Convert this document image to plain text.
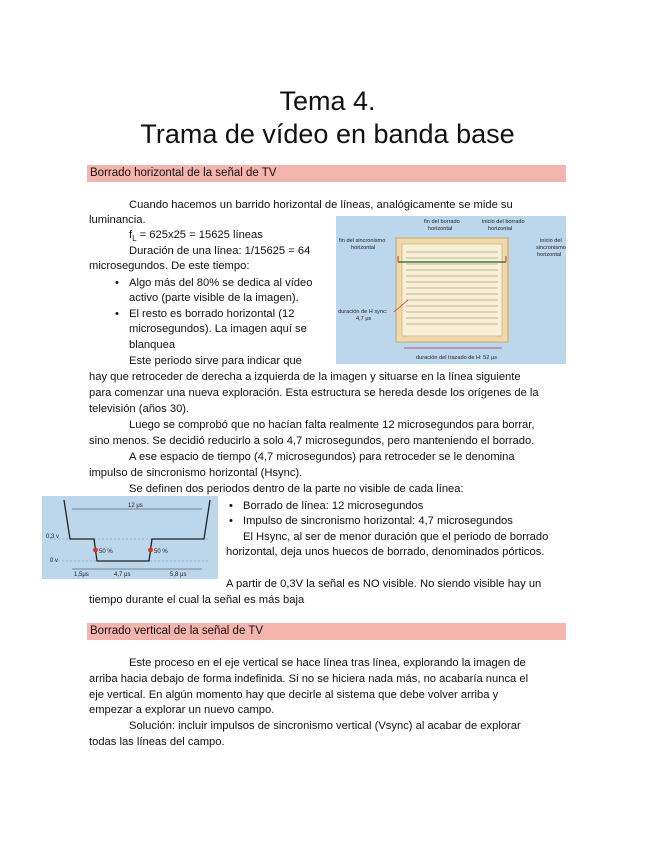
Tema 4.
Trama de vídeo en banda base
Borrado horizontal de la señal de TV
Cuando hacemos un barrido horizontal de líneas, analógicamente se mide su
luminancia.
$f_L = 625x25 = 15625$ líneas
Duración de una línea: 1/15625 = 64
microsegundos. De este tiempo:
• Algo más del 80% se dedica al vídeo
activo (parte visible de la imagen).
• El resto es borrado horizontal (12
microsegundos). La imagen aquí se
blanquea
Este periodo sirve para indicar que
hay que retroceder de derecha a izquierda de la imagen y situarse en la línea siguiente
para comenzar una nueva exploración. Esta estructura se hereda desde los orígenes de la
televisión (años 30).
Luego se comprobó que no hacían falta realmente 12 microsegundos para borrar,
sino menos. Se decidió reducirlo a solo 4,7 microsegundos, pero manteniendo el borrado.
A ese espacio de tiempo (4,7 microsegundos) para retroceder se le denomina
impulso de sincronismo horizontal (Hsync).
Se definen dos periodos dentro de la parte no visible de cada línea:
• Borrado de línea: 12 microsegundos
• Impulso de sincronismo horizontal: 4,7 microsegundos
El Hsync, al ser de menor duración que el periodo de borrado
horizontal, deja unos huecos de borrado, denominados pórticos.
A partir de 0,3V la señal es NO visible. No siendo visible hay un
tiempo durante el cual la señal es más baja
fin del borrado
horizontal
inicio del borrado
horizontal
fin del sincronismo
horizontal
inicio del
sincronismo
horizontal
duración de H sync:
4,7 μs
duración del trazado de H: 52 μs
12 μs
0,3 v
0 v
50 %	50 %
1,5μs	4,7 μs	5,8 μs
Borrado vertical de la señal de TV
Este proceso en el eje vertical se hace línea tras línea, explorando la imagen de
arriba hacia debajo de forma indefinida. Si no se hiciera nada más, no acabaría nunca el
eje vertical. En algún momento hay que decirle al sistema que debe volver arriba y
empezar a explorar un nuevo campo.
Solución: incluir impulsos de sincronismo vertical (Vsync) al acabar de explorar
todas las líneas del campo.
